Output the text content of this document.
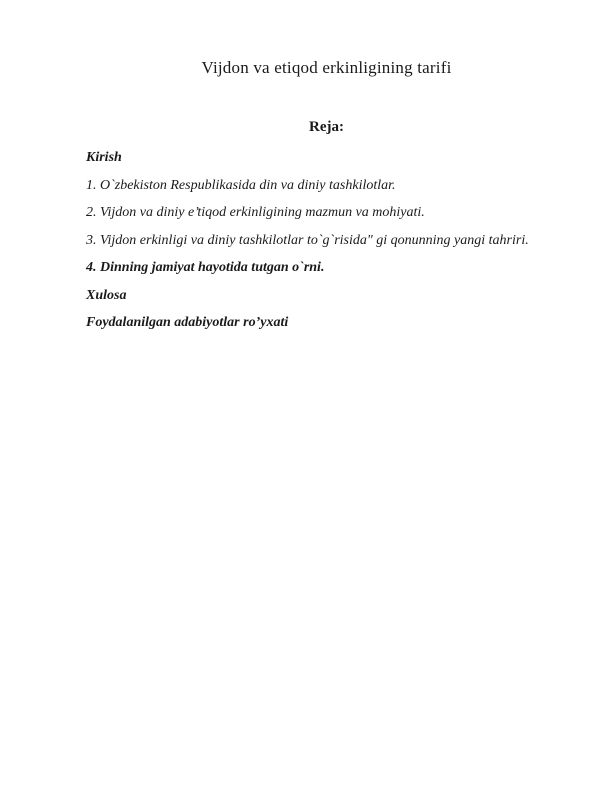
Vijdon va etiqod erkinligining tarifi
Reja:

Kirish

1. O`zbekiston Respublikasida din va diniy tashkilotlar.

2. Vijdon va diniy e’tiqod erkinligining mazmun va mohiyati.

3. Vijdon erkinligi va diniy tashkilotlar to`g`risida" gi qonunning yangi tahriri.

4. Dinning jamiyat hayotida tutgan o`rni.

Xulosa

Foydalanilgan adabiyotlar ro’yxati
